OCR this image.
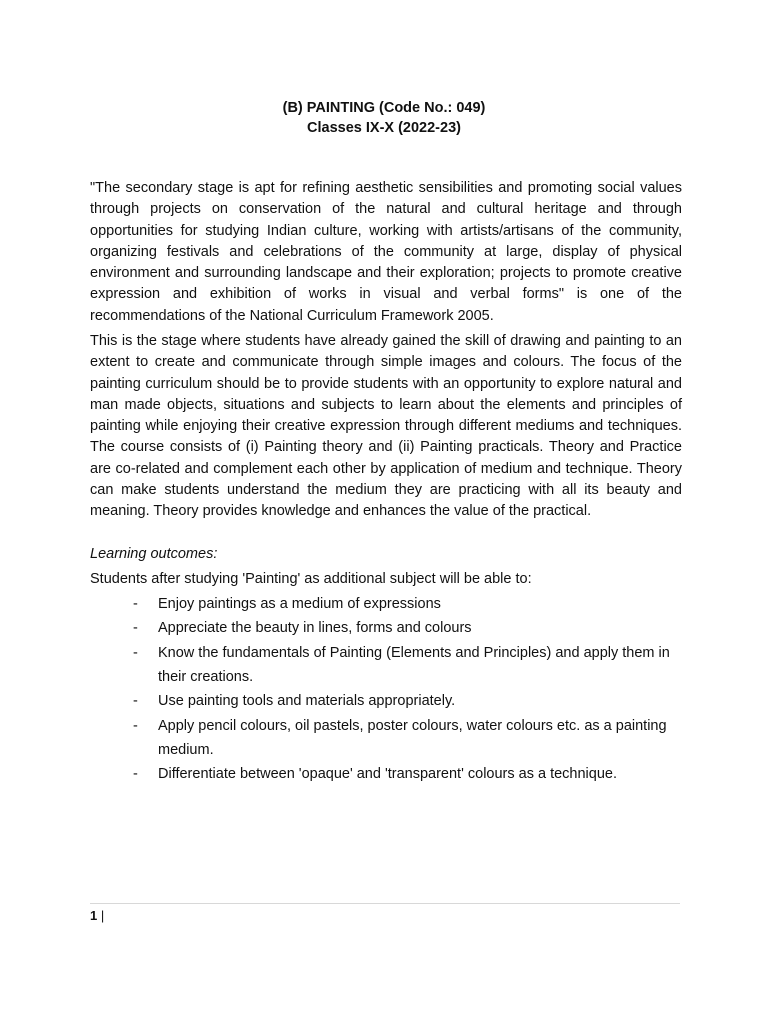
(B) PAINTING (Code No.: 049)
Classes IX-X (2022-23)

"The secondary stage is apt for refining aesthetic sensibilities and promoting social values through projects on conservation of the natural and cultural heritage and through opportunities for studying Indian culture, working with artists/artisans of the community, organizing festivals and celebrations of the community at large, display of physical environment and surrounding landscape and their exploration; projects to promote creative expression and exhibition of works in visual and verbal forms" is one of the recommendations of the National Curriculum Framework 2005.

This is the stage where students have already gained the skill of drawing and painting to an extent to create and communicate through simple images and colours. The focus of the painting curriculum should be to provide students with an opportunity to explore natural and man made objects, situations and subjects to learn about the elements and principles of painting while enjoying their creative expression through different mediums and techniques. The course consists of (i) Painting theory and (ii) Painting practicals. Theory and Practice are co-related and complement each other by application of medium and technique. Theory can make students understand the medium they are practicing with all its beauty and meaning. Theory provides knowledge and enhances the value of the practical.

Learning outcomes:
Students after studying 'Painting' as additional subject will be able to:
- Enjoy paintings as a medium of expressions
- Appreciate the beauty in lines, forms and colours
- Know the fundamentals of Painting (Elements and Principles) and apply them in their creations.
- Use painting tools and materials appropriately.
- Apply pencil colours, oil pastels, poster colours, water colours etc. as a painting medium.
- Differentiate between 'opaque' and 'transparent' colours as a technique.
1 |
